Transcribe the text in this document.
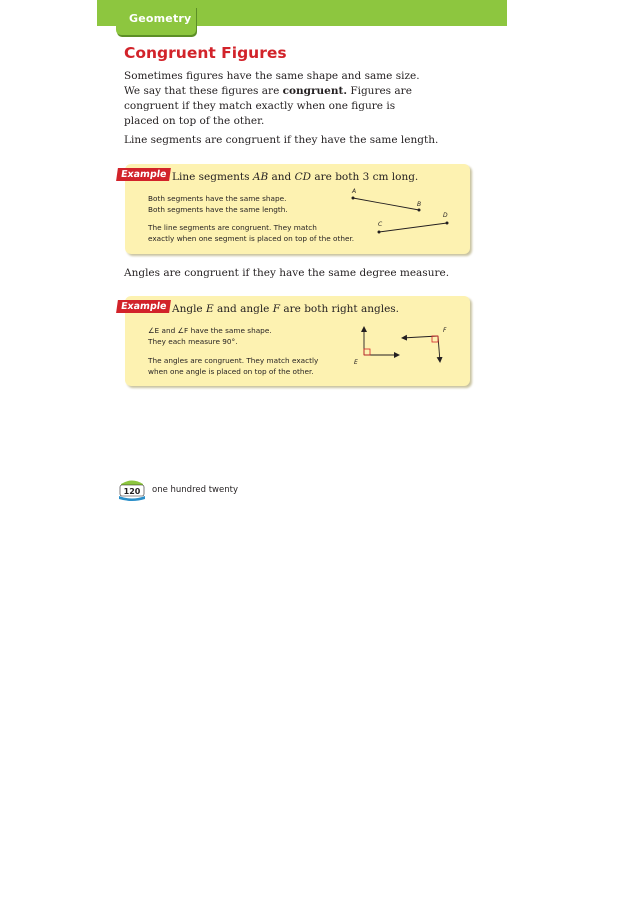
Geometry
Congruent Figures
Sometimes figures have the same shape and same size.
We say that these figures are congruent. Figures are
congruent if they match exactly when one figure is
placed on top of the other.
Line segments are congruent if they have the same length.
Example Line segments AB and CD are both 3 cm long.
Both segments have the same shape.
Both segments have the same length.
The line segments are congruent. They match
exactly when one segment is placed on top of the other.
A
B
C
D
Angles are congruent if they have the same degree measure.
Example Angle E and angle F are both right angles.
∠E and ∠F have the same shape.
They each measure 90°.
The angles are congruent. They match exactly
when one angle is placed on top of the other.
E
F
120 one hundred twenty
